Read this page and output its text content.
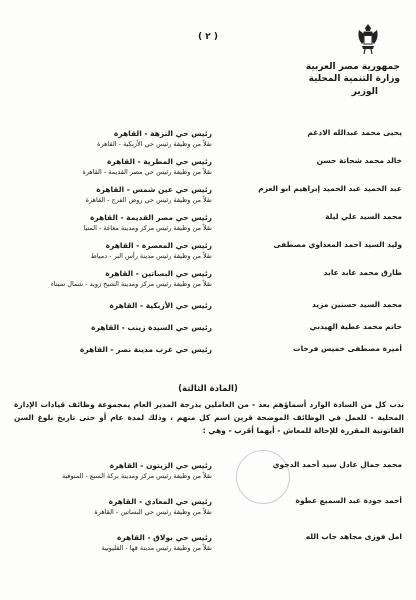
( ٢ )
جمهورية مصر العربية
وزارة التنمية المحلية
الوزير
يحيى محمد عبدالله الادغم
رئيس حي النزهة - القاهرة
نقلاً من وظيفة رئيس حي الأزبكية - القاهرة
خالد محمد شحاتة حسن
رئيس حي المطرية - القاهرة
نقلاً من وظيفة رئيس حي مصر القديمة - القاهرة
عبد الحميد عبد الحميد إبراهيم ابو العزم
رئيس حي عين شمس - القاهرة
نقلاً من وظيفة رئيس حي روض الفرج - القاهرة
محمد السيد علي ليلة
رئيس حي مصر القديمة - القاهرة
نقلاً من وظيفة رئيس مركز ومدينة مغاغة - المنيا
وليد السيد احمد المعداوي مصطفى
رئيس حي المعصرة - القاهرة
نقلاً من وظيفة رئيس مدينة رأس البر - دمياط
طارق محمد عابد عابد
رئيس حي البساتين - القاهرة
نقلاً من وظيفة رئيس مركز ومدينة الشيخ زويد - شمال سيناء
محمد السيد حسنين مزيد
رئيس حي الأزبكية - القاهرة
حاتم محمد عطية الهيدبي
رئيس حي السيدة زينب - القاهرة
أميرة مصطفى خميس فرحات
رئيس حي غرب مدينة نصر - القاهرة
(المادة الثالثة)
ندب كل من السادة الوارد أسماؤهم بعد - من العاملين بدرجة المدير العام بمجموعة وظائف قيادات الإدارة المحلية - للعمل في الوظائف الموضحة قرين اسم كل منهم ، وذلك لمدة عام أو حتى تاريخ بلوغ السن القانونية المقررة للإحالة للمعاش - أيهما أقرب - وهي :
محمد جمال عادل سيد أحمد الدجوي
رئيس حي الزيتون - القاهرة
نقلاً من وظيفة رئيس مركز ومدينة بركة السبع - المنوفية
أحمد جودة عبد السميع عطوة
رئيس حي المعادي - القاهرة
نقلاً من وظيفة رئيس حي البساتين - القاهرة
امل فوزى مجاهد جاب الله
رئيس حي بولاق - القاهرة
نقلاً من وظيفة رئيس مدينة قها - القليوبية
